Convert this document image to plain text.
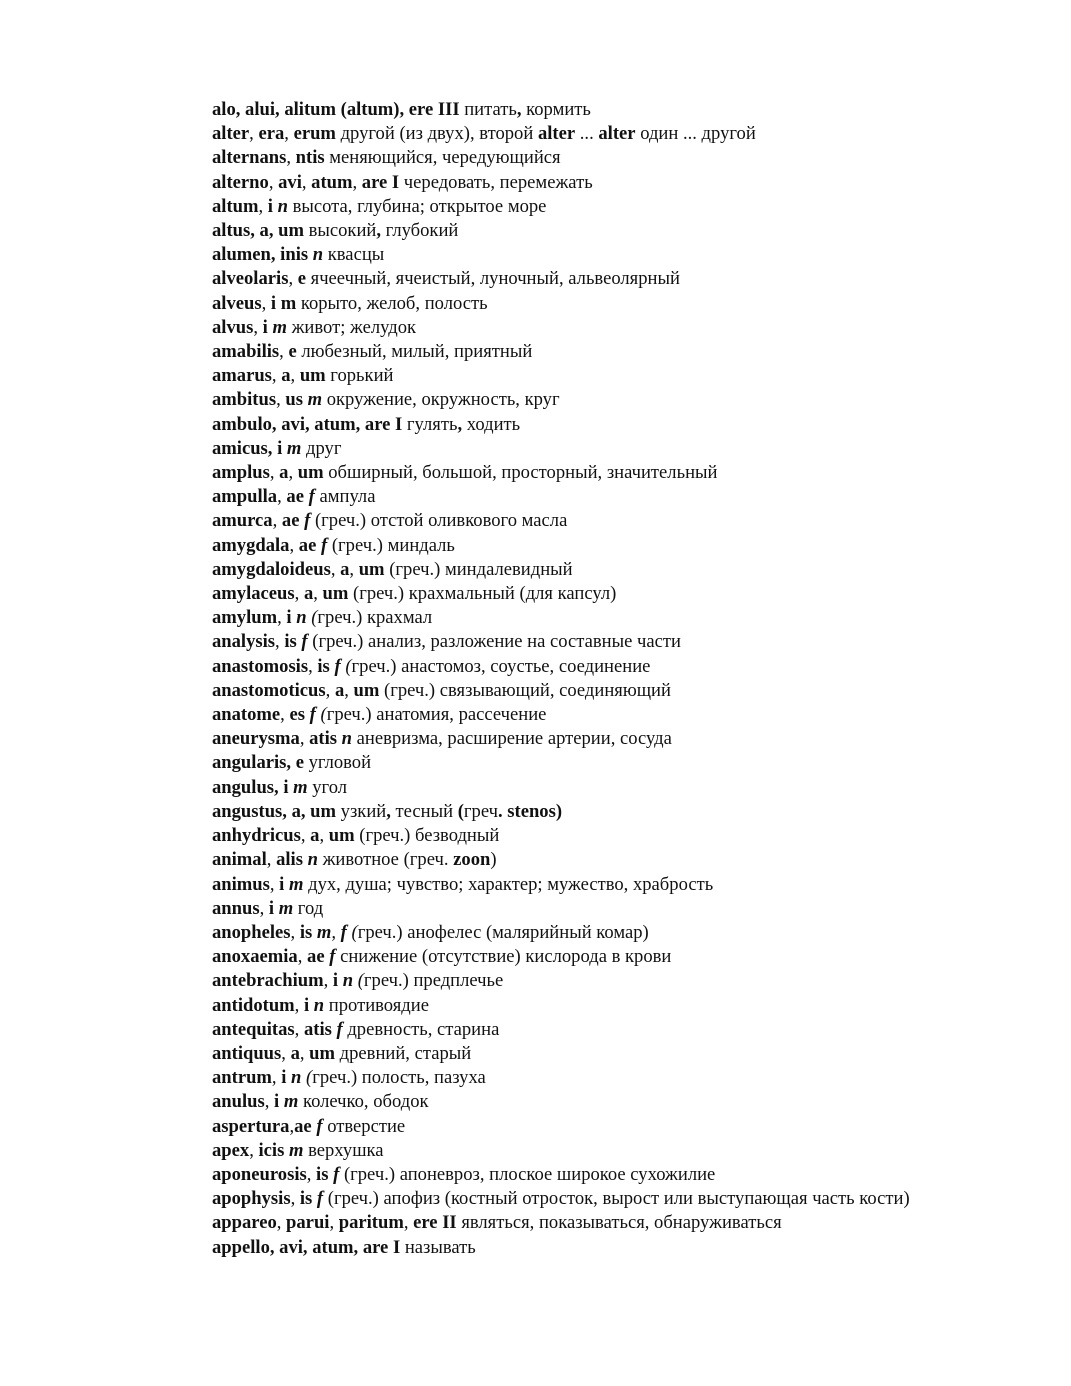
alo, alui, alitum (altum), ere III питать, кормить

alter, era, erum другой (из двух), второй alter ... alter один ... другой

alternans, ntis меняющийся, чередующийся

alterno, avi, atum, are I чередовать, перемежать

altum, i n высота, глубина; открытое море

altus, a, um высокий, глубокий

alumen, inis n квасцы

alveolaris, e ячеечный, ячеистый, луночный, альвеолярный

alveus, i m корыто, желоб, полость

alvus, i m живот; желудок

amabilis, e любезный, милый, приятный

amarus, a, um горький

ambitus, us m окружение, окружность, круг

ambulo, avi, atum, are I гулять, ходить

amicus, i m друг

amplus, a, um обширный, большой, просторный, значительный

ampulla, ae f ампула

amurca, ae f (греч.) отстой оливкового масла

amygdala, ae f (греч.) миндаль

amygdaloideus, a, um (греч.) миндалевидный

amylaceus, a, um (греч.) крахмальный (для капсул)

amylum, i n (греч.) крахмал

analysis, is f (греч.) анализ, разложение на составные части

anastomosis, is f (греч.) анастомоз, соустье, соединение

anastomoticus, a, um (греч.) связывающий, соединяющий

anatome, es f (греч.) анатомия, рассечение

aneurysma, atis n аневризма, расширение артерии, сосуда

angularis, e угловой

angulus, i m угол

angustus, a, um узкий, тесный (греч. stenos)

anhydricus, a, um (греч.) безводный

animal, alis n животное (греч. zoon)

animus, i m дух, душа; чувство; характер; мужество, храбрость

annus, i m год

anopheles, is m, f (греч.) анофелес (малярийный комар)

anoxaemia, ae f снижение (отсутствие) кислорода в крови

antebrachium, i n (греч.) предплечье

antidotum, i n противоядие

antequitas, atis f древность, старина

antiquus, a, um древний, старый

antrum, i n (греч.) полость, пазуха

anulus, i m колечко, ободок

aspertura,ae f отверстие

apex, icis m верхушка

aponeurosis, is f (греч.) апоневроз, плоское широкое сухожилие

apophysis, is f (греч.) апофиз (костный отросток, вырост или выступающая часть кости)

appareo, parui, paritum, ere II являться, показываться, обнаруживаться

appello, avi, atum, are I называть
